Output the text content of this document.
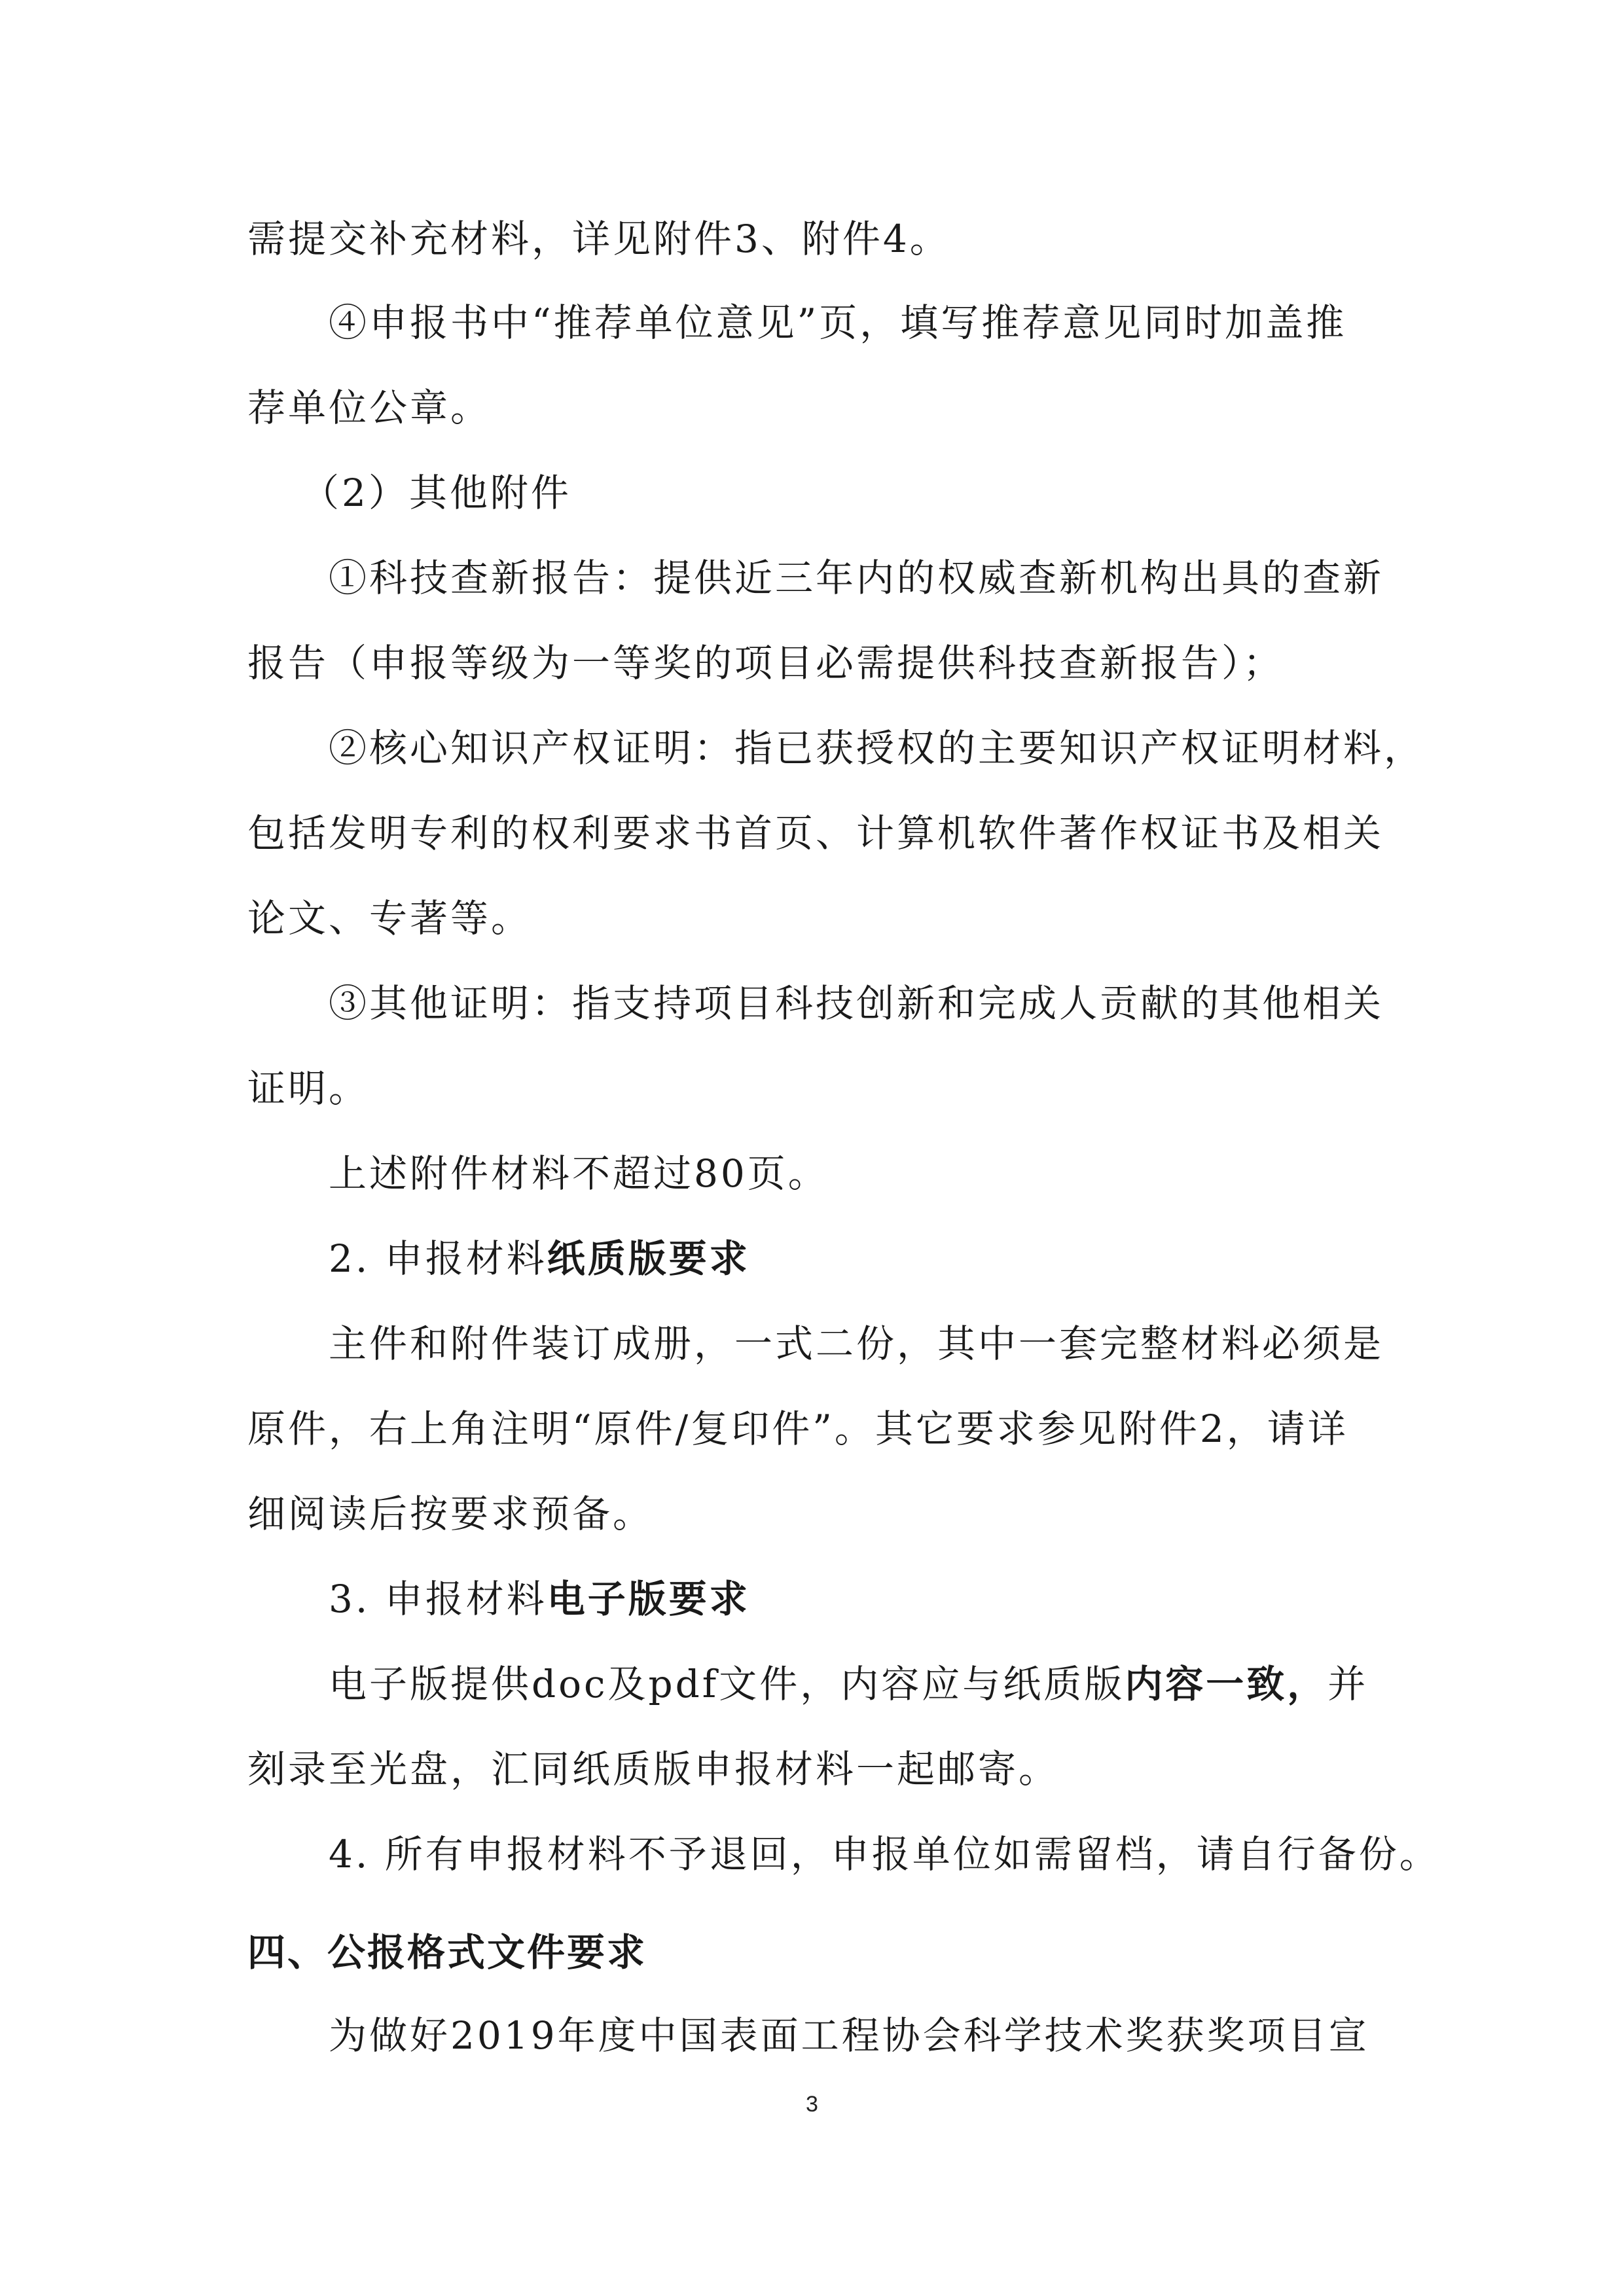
需提交补充材料，详见附件3、附件4。
④申报书中“推荐单位意见”页，填写推荐意见同时加盖推
荐单位公章。
（2）其他附件
①科技查新报告：提供近三年内的权威查新机构出具的查新
报告（申报等级为一等奖的项目必需提供科技查新报告）；
②核心知识产权证明：指已获授权的主要知识产权证明材料，
包括发明专利的权利要求书首页、计算机软件著作权证书及相关
论文、专著等。
③其他证明：指支持项目科技创新和完成人贡献的其他相关
证明。
上述附件材料不超过80页。
2. 申报材料纸质版要求
主件和附件装订成册，一式二份，其中一套完整材料必须是
原件，右上角注明“原件/复印件”。其它要求参见附件2，请详
细阅读后按要求预备。
3. 申报材料电子版要求
电子版提供doc及pdf文件，内容应与纸质版内容一致，并
刻录至光盘，汇同纸质版申报材料一起邮寄。
4. 所有申报材料不予退回，申报单位如需留档，请自行备份。
四、公报格式文件要求
为做好2019年度中国表面工程协会科学技术奖获奖项目宣
3
